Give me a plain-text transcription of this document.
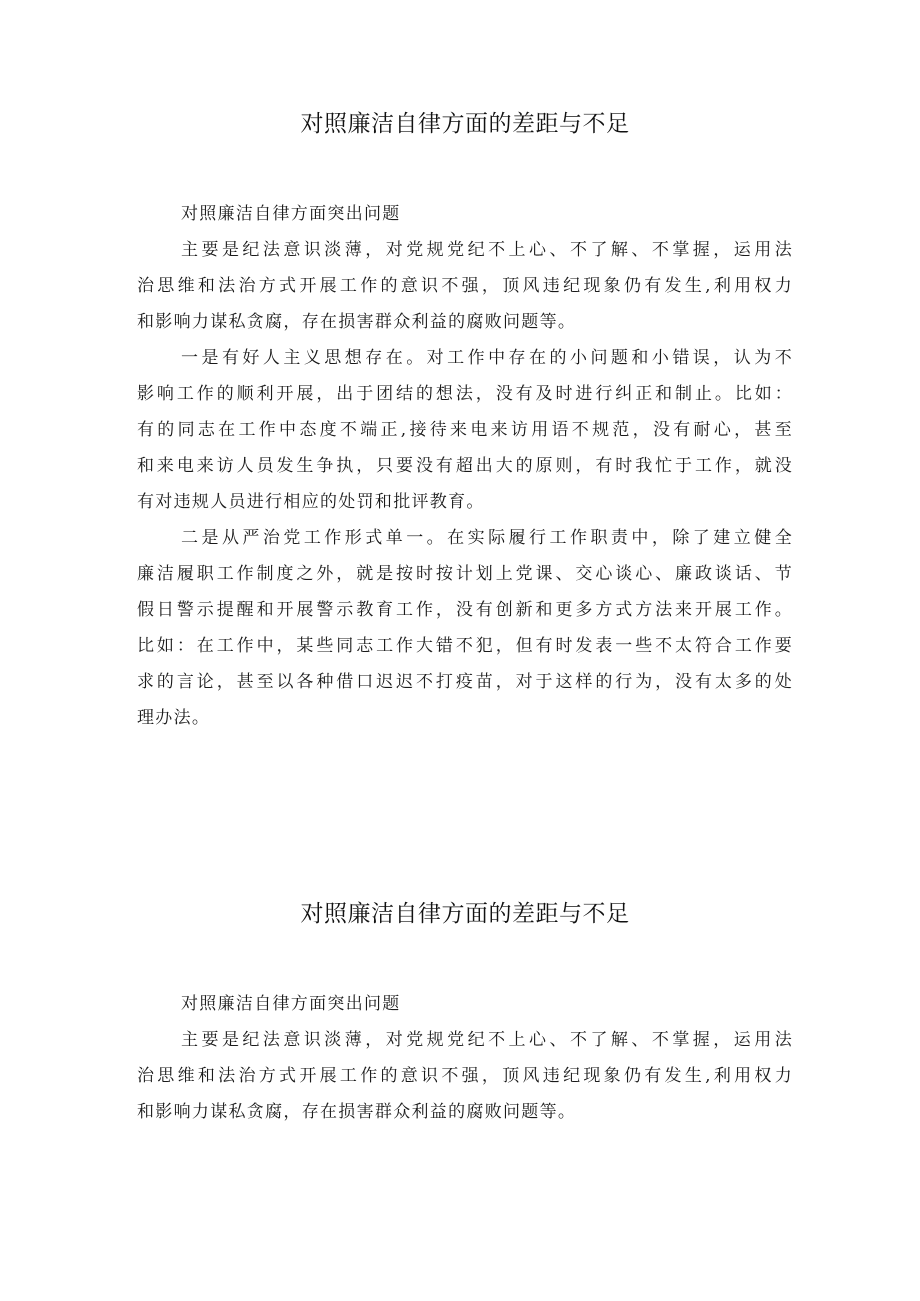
对照廉洁自律方面的差距与不足

对照廉洁自律方面突出问题

主要是纪法意识淡薄，对党规党纪不上心、不了解、不掌握，运用法
治思维和法治方式开展工作的意识不强，顶风违纪现象仍有发生,利用权力
和影响力谋私贪腐，存在损害群众利益的腐败问题等。
一是有好人主义思想存在。对工作中存在的小问题和小错误，认为不
影响工作的顺利开展，出于团结的想法，没有及时进行纠正和制止。比如：
有的同志在工作中态度不端正,接待来电来访用语不规范，没有耐心，甚至
和来电来访人员发生争执，只要没有超出大的原则，有时我忙于工作，就没
有对违规人员进行相应的处罚和批评教育。
二是从严治党工作形式单一。在实际履行工作职责中，除了建立健全
廉洁履职工作制度之外，就是按时按计划上党课、交心谈心、廉政谈话、节
假日警示提醒和开展警示教育工作，没有创新和更多方式方法来开展工作。
比如：在工作中，某些同志工作大错不犯，但有时发表一些不太符合工作要
求的言论，甚至以各种借口迟迟不打疫苗，对于这样的行为，没有太多的处
理办法。
对照廉洁自律方面的差距与不足

对照廉洁自律方面突出问题

主要是纪法意识淡薄，对党规党纪不上心、不了解、不掌握，运用法
治思维和法治方式开展工作的意识不强，顶风违纪现象仍有发生,利用权力
和影响力谋私贪腐，存在损害群众利益的腐败问题等。
